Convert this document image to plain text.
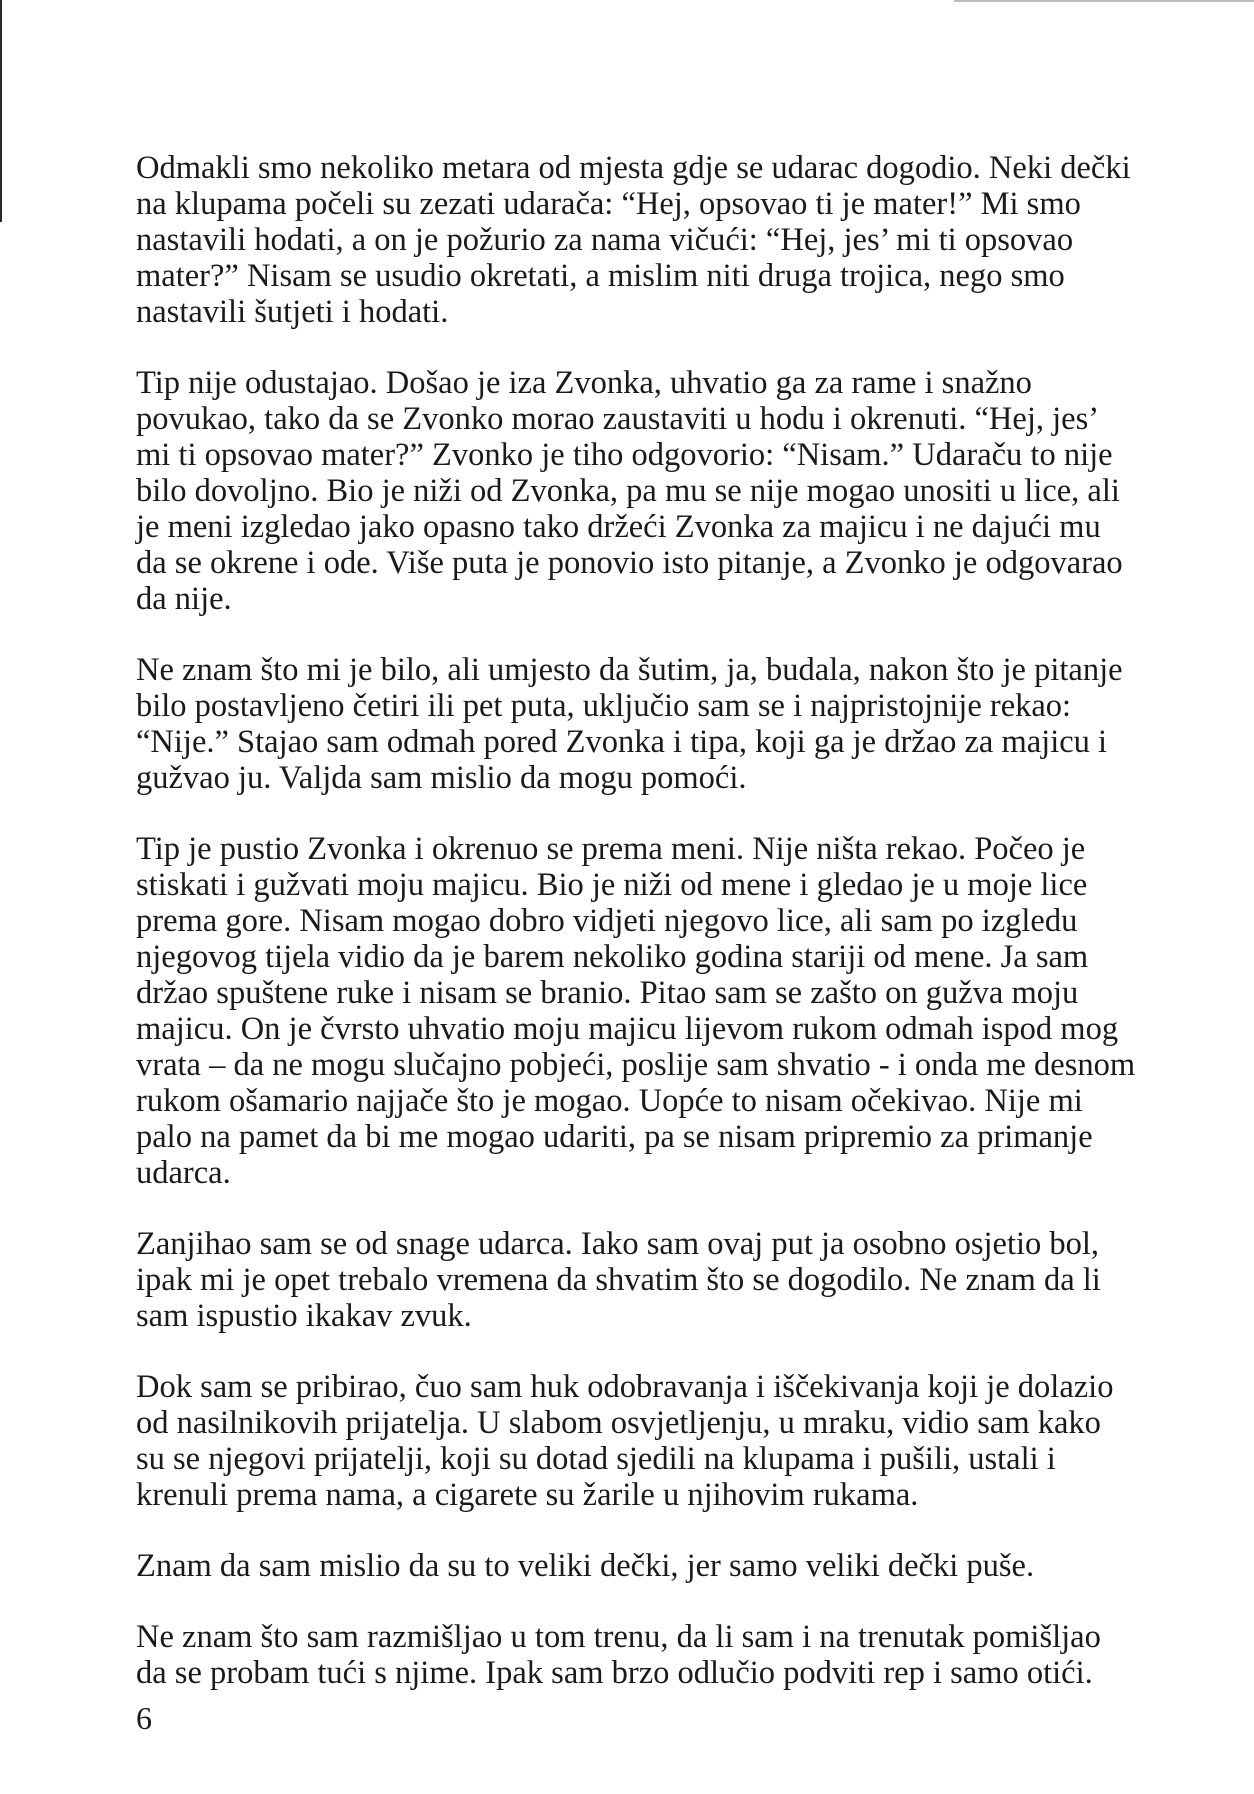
Odmakli smo nekoliko metara od mjesta gdje se udarac dogodio. Neki dečki na klupama počeli su zezati udarača: “Hej, opsovao ti je mater!” Mi smo nastavili hodati, a on je požurio za nama vičući: “Hej, jes’ mi ti opsovao mater?” Nisam se usudio okretati, a mislim niti druga trojica, nego smo nastavili šutjeti i hodati.

Tip nije odustajao. Došao je iza Zvonka, uhvatio ga za rame i snažno povukao, tako da se Zvonko morao zaustaviti u hodu i okrenuti. “Hej, jes’ mi ti opsovao mater?” Zvonko je tiho odgovorio: “Nisam.” Udaraču to nije bilo dovoljno. Bio je niži od Zvonka, pa mu se nije mogao unositi u lice, ali je meni izgledao jako opasno tako držeći Zvonka za majicu i ne dajući mu da se okrene i ode. Više puta je ponovio isto pitanje, a Zvonko je odgovarao da nije.

Ne znam što mi je bilo, ali umjesto da šutim, ja, budala, nakon što je pitanje bilo postavljeno četiri ili pet puta, uključio sam se i najpristojnije rekao: “Nije.” Stajao sam odmah pored Zvonka i tipa, koji ga je držao za majicu i gužvao ju. Valjda sam mislio da mogu pomoći.

Tip je pustio Zvonka i okrenuo se prema meni. Nije ništa rekao. Počeo je stiskati i gužvati moju majicu. Bio je niži od mene i gledao je u moje lice prema gore. Nisam mogao dobro vidjeti njegovo lice, ali sam po izgledu njegovog tijela vidio da je barem nekoliko godina stariji od mene. Ja sam držao spuštene ruke i nisam se branio. Pitao sam se zašto on gužva moju majicu. On je čvrsto uhvatio moju majicu lijevom rukom odmah ispod mog vrata – da ne mogu slučajno pobjeći, poslije sam shvatio - i onda me desnom rukom ošamario najjače što je mogao. Uopće to nisam očekivao. Nije mi palo na pamet da bi me mogao udariti, pa se nisam pripremio za primanje udarca.

Zanjihao sam se od snage udarca. Iako sam ovaj put ja osobno osjetio bol, ipak mi je opet trebalo vremena da shvatim što se dogodilo. Ne znam da li sam ispustio ikakav zvuk.

Dok sam se pribirao, čuo sam huk odobravanja i iščekivanja koji je dolazio od nasilnikovih prijatelja. U slabom osvjetljenju, u mraku, vidio sam kako su se njegovi prijatelji, koji su dotad sjedili na klupama i pušili, ustali i krenuli prema nama, a cigarete su žarile u njihovim rukama.

Znam da sam mislio da su to veliki dečki, jer samo veliki dečki puše.

Ne znam što sam razmišljao u tom trenu, da li sam i na trenutak pomišljao da se probam tući s njime. Ipak sam brzo odlučio podviti rep i samo otići.

6
